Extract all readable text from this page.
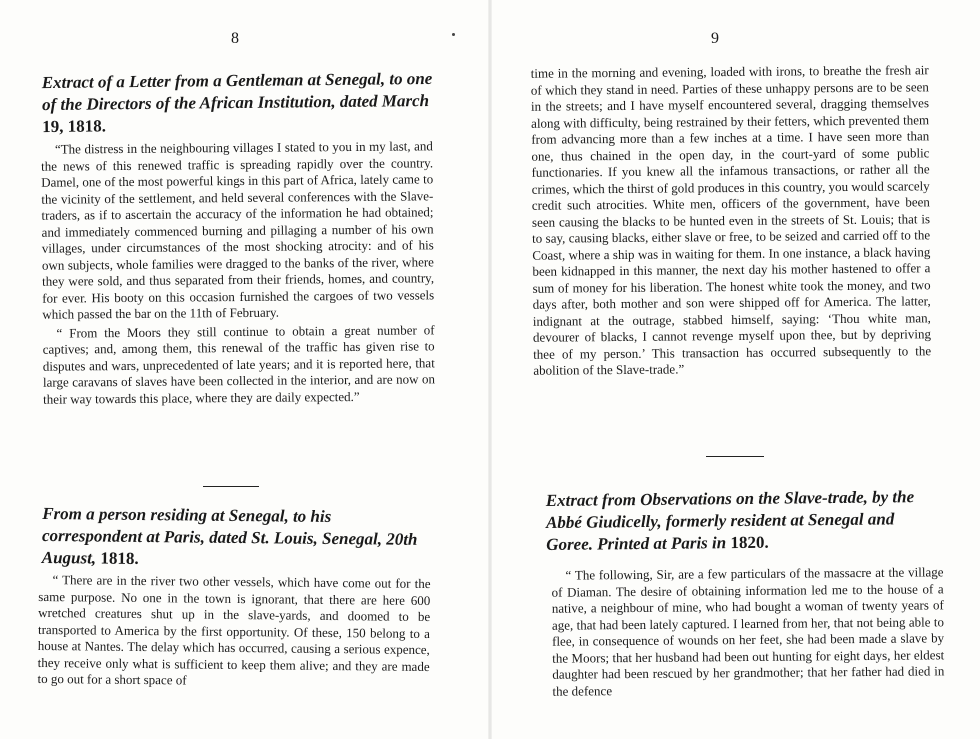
8
Extract of a Letter from a Gentleman at Senegal, to one of the Directors of the African Institution, dated March 19, 1818.

“The distress in the neighbouring villages I stated to you in my last, and the news of this renewed traffic is spreading rapidly over the country. Damel, one of the most powerful kings in this part of Africa, lately came to the vicinity of the settlement, and held several conferences with the Slave-traders, as if to ascertain the accuracy of the information he had obtained; and immediately commenced burning and pillaging a number of his own villages, under circumstances of the most shocking atrocity: and of his own subjects, whole families were dragged to the banks of the river, where they were sold, and thus separated from their friends, homes, and country, for ever. His booty on this occasion furnished the cargoes of two vessels which passed the bar on the 11th of February.

“ From the Moors they still continue to obtain a great number of captives; and, among them, this renewal of the traffic has given rise to disputes and wars, unprecedented of late years; and it is reported here, that large caravans of slaves have been collected in the interior, and are now on their way towards this place, where they are daily expected.”

From a person residing at Senegal, to his correspondent at Paris, dated St. Louis, Senegal, 20th August, 1818.

“ There are in the river two other vessels, which have come out for the same purpose. No one in the town is ignorant, that there are here 600 wretched creatures shut up in the slave-yards, and doomed to be transported to America by the first opportunity. Of these, 150 belong to a house at Nantes. The delay which has occurred, causing a serious expence, they receive only what is sufficient to keep them alive; and they are made to go out for a short space of

9

time in the morning and evening, loaded with irons, to breathe the fresh air of which they stand in need. Parties of these unhappy persons are to be seen in the streets; and I have myself encountered several, dragging themselves along with difficulty, being restrained by their fetters, which prevented them from advancing more than a few inches at a time. I have seen more than one, thus chained in the open day, in the court-yard of some public functionaries. If you knew all the infamous transactions, or rather all the crimes, which the thirst of gold produces in this country, you would scarcely credit such atrocities. White men, officers of the government, have been seen causing the blacks to be hunted even in the streets of St. Louis; that is to say, causing blacks, either slave or free, to be seized and carried off to the Coast, where a ship was in waiting for them. In one instance, a black having been kidnapped in this manner, the next day his mother hastened to offer a sum of money for his liberation. The honest white took the money, and two days after, both mother and son were shipped off for America. The latter, indignant at the outrage, stabbed himself, saying: ‘Thou white man, devourer of blacks, I cannot revenge myself upon thee, but by depriving thee of my person.’ This transaction has occurred subsequently to the abolition of the Slave-trade.”

Extract from Observations on the Slave-trade, by the Abbé Giudicelly, formerly resident at Senegal and Goree. Printed at Paris in 1820.

“ The following, Sir, are a few particulars of the massacre at the village of Diaman. The desire of obtaining information led me to the house of a native, a neighbour of mine, who had bought a woman of twenty years of age, that had been lately captured. I learned from her, that not being able to flee, in consequence of wounds on her feet, she had been made a slave by the Moors; that her husband had been out hunting for eight days, her eldest daughter had been rescued by her grandmother; that her father had died in the defence
